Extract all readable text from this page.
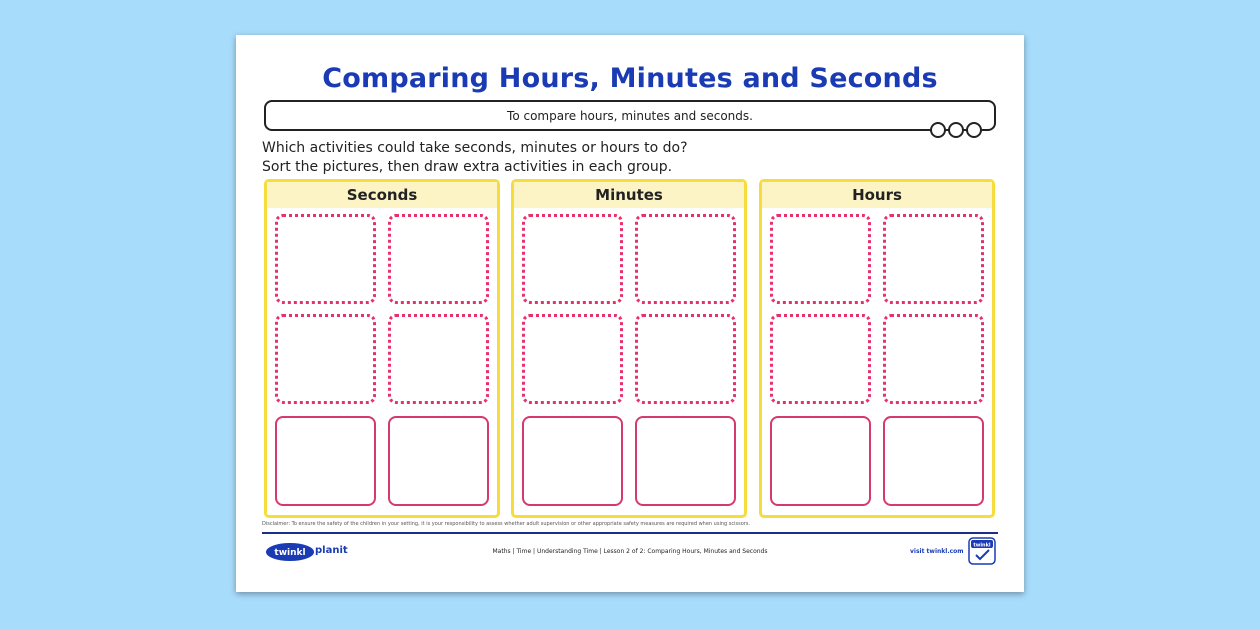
Comparing Hours, Minutes and Seconds
To compare hours, minutes and seconds.
Which activities could take seconds, minutes or hours to do?
Sort the pictures, then draw extra activities in each group.
Seconds	Minutes	Hours
Disclaimer: To ensure the safety of the children in your setting, it is your responsibility to assess whether adult supervision or other appropriate safety measures are required when using scissors.
twinkl planit	Maths | Time | Understanding Time | Lesson 2 of 2: Comparing Hours, Minutes and Seconds	visit twinkl.com
twinkl
